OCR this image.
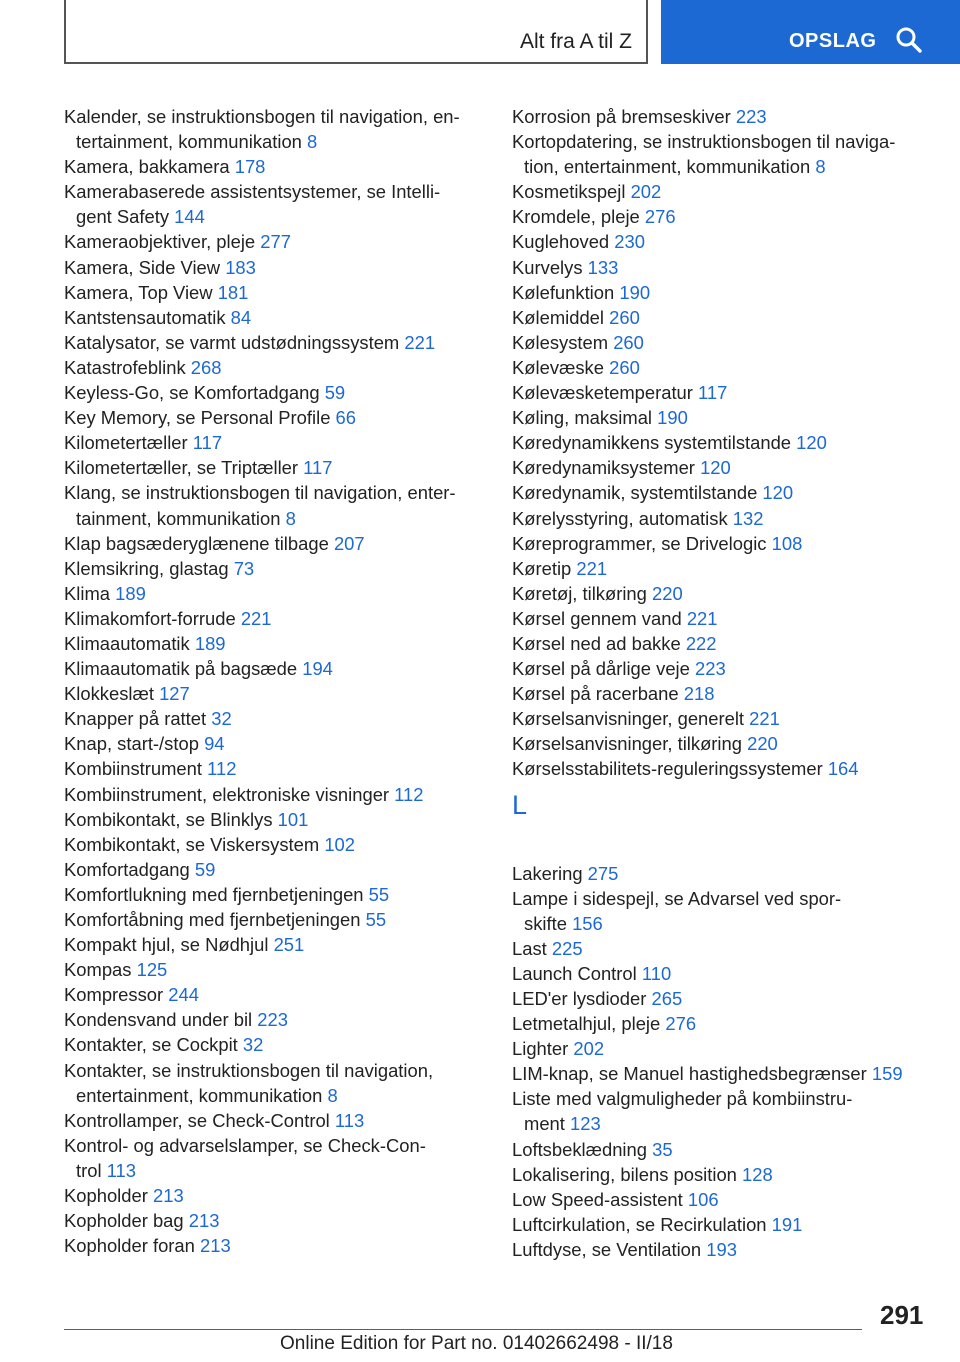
Alt fra A til Z	OPSLAG
Kalender, se instruktionsbogen til navigation, en-
tertainment, kommunikation 8
Kamera, bakkamera 178
Kamerabaserede assistentsystemer, se Intelli-
gent Safety 144
Kameraobjektiver, pleje 277
Kamera, Side View 183
Kamera, Top View 181
Kantstensautomatik 84
Katalysator, se varmt udstødningssystem 221
Katastrofeblink 268
Keyless-Go, se Komfortadgang 59
Key Memory, se Personal Profile 66
Kilometertæller 117
Kilometertæller, se Triptæller 117
Klang, se instruktionsbogen til navigation, enter-
tainment, kommunikation 8
Klap bagsæderyglænene tilbage 207
Klemsikring, glastag 73
Klima 189
Klimakomfort-forrude 221
Klimaautomatik 189
Klimaautomatik på bagsæde 194
Klokkeslæt 127
Knapper på rattet 32
Knap, start-/stop 94
Kombiinstrument 112
Kombiinstrument, elektroniske visninger 112
Kombikontakt, se Blinklys 101
Kombikontakt, se Viskersystem 102
Komfortadgang 59
Komfortlukning med fjernbetjeningen 55
Komfortåbning med fjernbetjeningen 55
Kompakt hjul, se Nødhjul 251
Kompas 125
Kompressor 244
Kondensvand under bil 223
Kontakter, se Cockpit 32
Kontakter, se instruktionsbogen til navigation,
entertainment, kommunikation 8
Kontrollamper, se Check-Control 113
Kontrol- og advarselslamper, se Check-Con-
trol 113
Kopholder 213
Kopholder bag 213
Kopholder foran 213
Korrosion på bremseskiver 223
Kortopdatering, se instruktionsbogen til naviga-
tion, entertainment, kommunikation 8
Kosmetikspejl 202
Kromdele, pleje 276
Kuglehoved 230
Kurvelys 133
Kølefunktion 190
Kølemiddel 260
Kølesystem 260
Kølevæske 260
Kølevæsketemperatur 117
Køling, maksimal 190
Køredynamikkens systemtilstande 120
Køredynamiksystemer 120
Køredynamik, systemtilstande 120
Kørelysstyring, automatisk 132
Køreprogrammer, se Drivelogic 108
Køretip 221
Køretøj, tilkøring 220
Kørsel gennem vand 221
Kørsel ned ad bakke 222
Kørsel på dårlige veje 223
Kørsel på racerbane 218
Kørselsanvisninger, generelt 221
Kørselsanvisninger, tilkøring 220
Kørselsstabilitets-reguleringssystemer 164
L
Lakering 275
Lampe i sidespejl, se Advarsel ved spor-
skifte 156
Last 225
Launch Control 110
LED'er lysdioder 265
Letmetalhjul, pleje 276
Lighter 202
LIM-knap, se Manuel hastighedsbegrænser 159
Liste med valgmuligheder på kombiinstru-
ment 123
Loftsbeklædning 35
Lokalisering, bilens position 128
Low Speed-assistent 106
Luftcirkulation, se Recirkulation 191
Luftdyse, se Ventilation 193
291
Online Edition for Part no. 01402662498 - II/18
